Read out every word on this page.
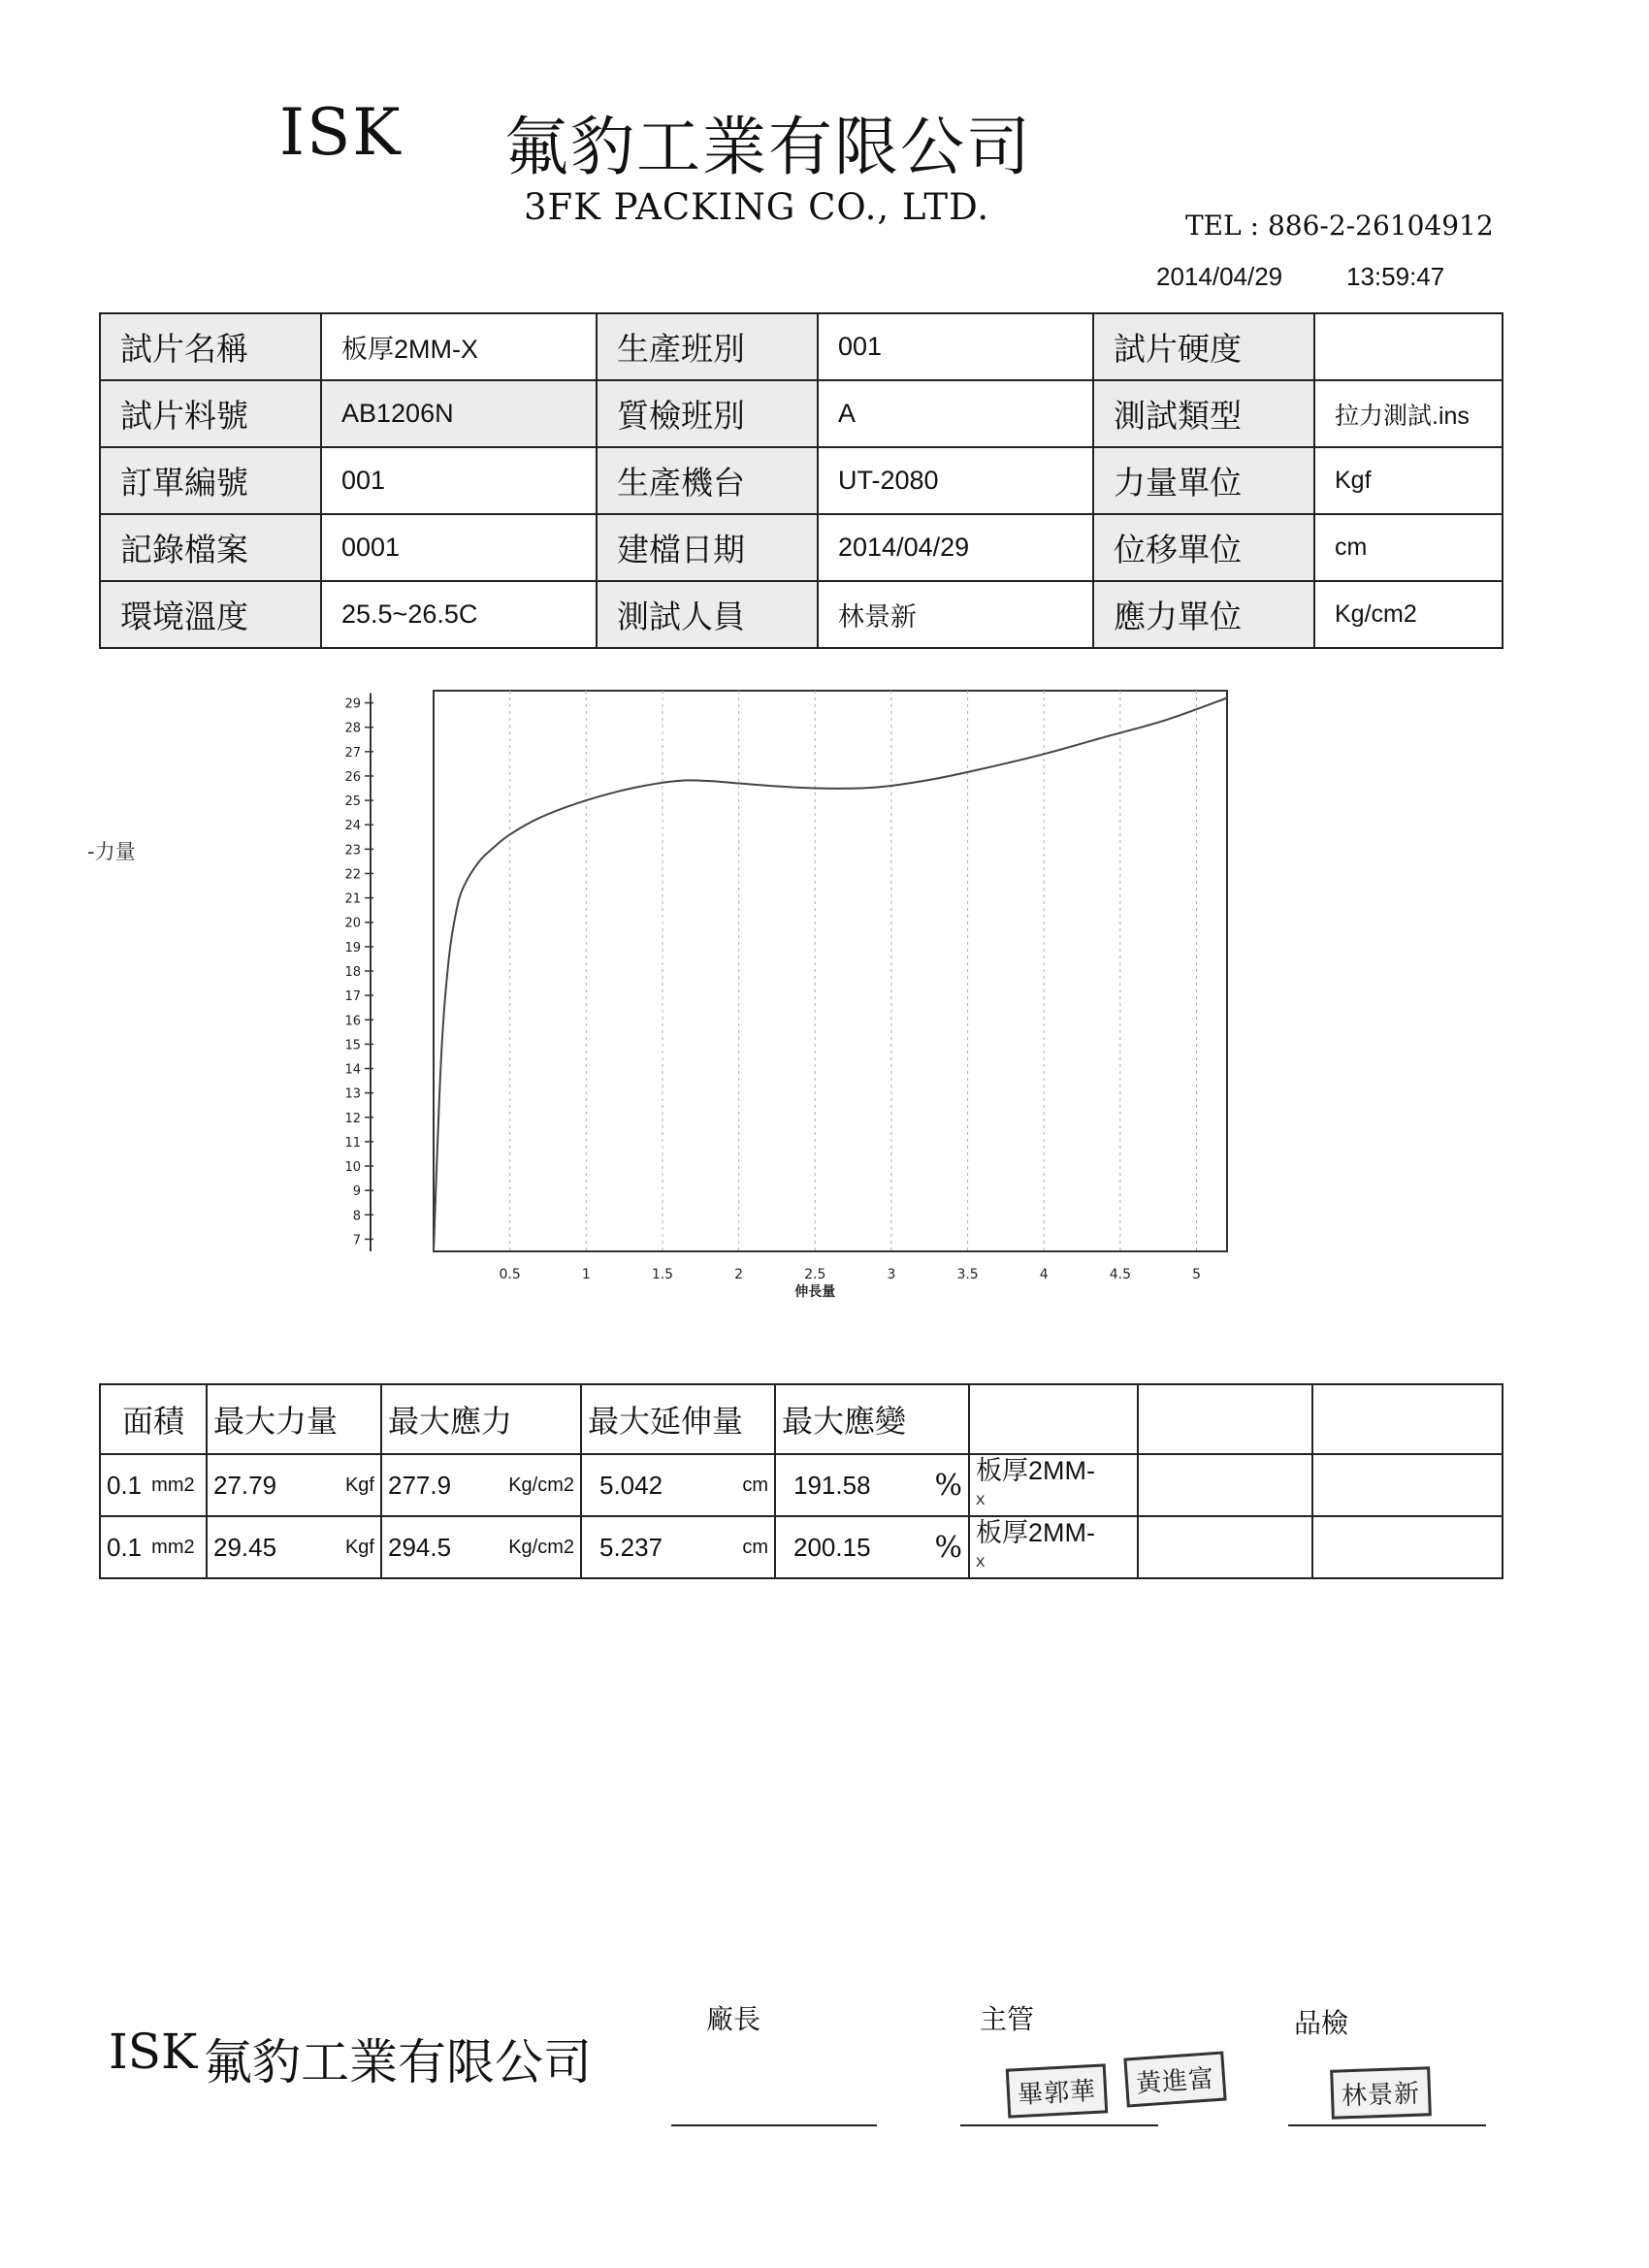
ISK 氟豹工業有限公司
3FK PACKING CO., LTD.	TEL : 886-2-26104912
2014/04/29	13:59:47
試片名稱	板厚2MM-X	生產班別	001	試片硬度	
試片料號	AB1206N	質檢班別	A	測試類型	拉力測試.ins
訂單編號	001	生產機台	UT-2080	力量單位	Kgf
記錄檔案	0001	建檔日期	2014/04/29	位移單位	cm
環境溫度	25.5~26.5C	測試人員	林景新	應力單位	Kg/cm2
-力量
0.5	1	1.5	2	2.5	3	3.5	4	4.5	5
伸長量
7
8
9
10
11
12
13
14
15
16
17
18
19
20
21
22
23
24
25
26
27
28
29
面積	最大力量	最大應力	最大延伸量	最大應變			

0.1 mm2	27.79 Kgf	277.9 Kg/cm2	5.042 cm	191.58 %	板厚2MM-
X		

0.1 mm2	29.45 Kgf	294.5 Kg/cm2	5.237 cm	200.15 %	板厚2MM-
X		
ISK 氟豹工業有限公司
廠長	主管	品檢
畢郭華	黃進富	林景新
